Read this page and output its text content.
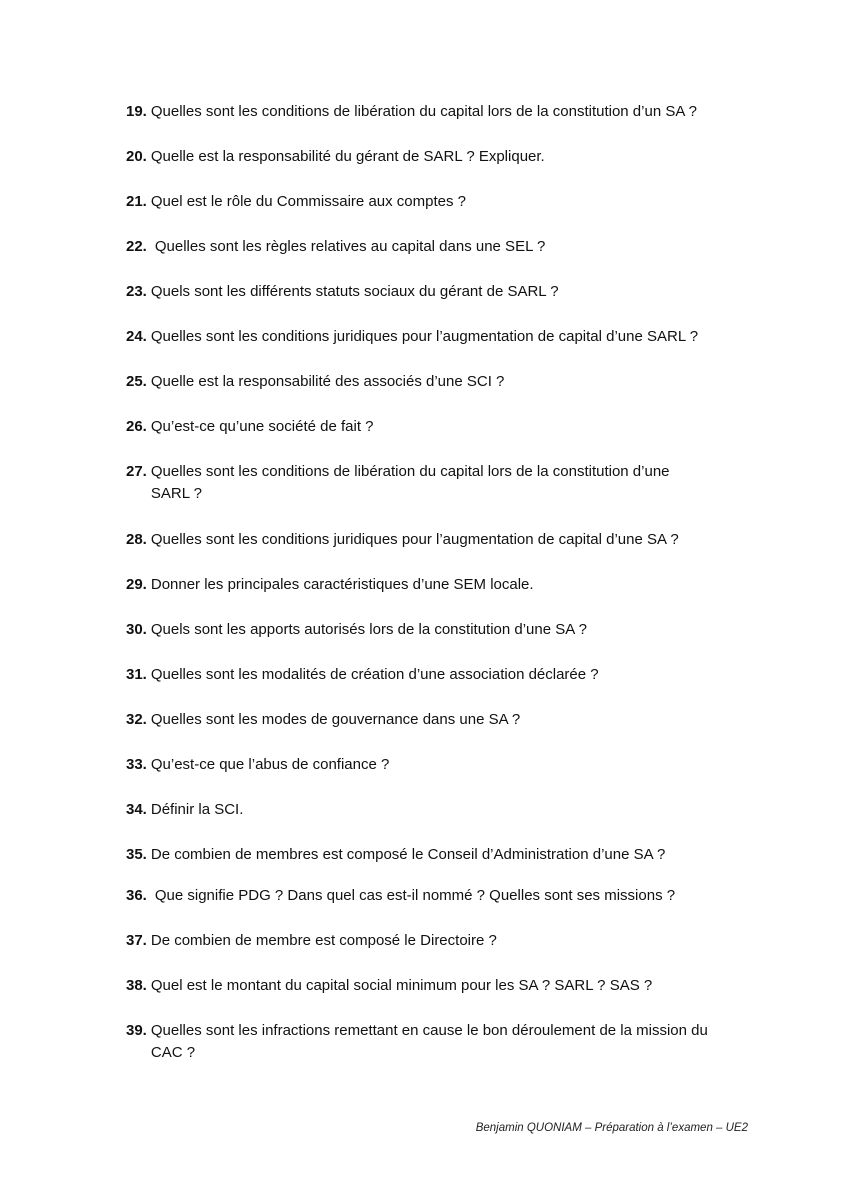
19. Quelles sont les conditions de libération du capital lors de la constitution d’un SA ?
20. Quelle est la responsabilité du gérant de SARL ? Expliquer.
21. Quel est le rôle du Commissaire aux comptes ?
22. Quelles sont les règles relatives au capital dans une SEL ?
23. Quels sont les différents statuts sociaux du gérant de SARL ?
24. Quelles sont les conditions juridiques pour l’augmentation de capital d’une SARL ?
25. Quelle est la responsabilité des associés d’une SCI ?
26. Qu’est-ce qu’une société de fait ?
27. Quelles sont les conditions de libération du capital lors de la constitution d’une SARL ?
28. Quelles sont les conditions juridiques pour l’augmentation de capital d’une SA ?
29. Donner les principales caractéristiques d’une SEM locale.
30. Quels sont les apports autorisés lors de la constitution d’une SA ?
31. Quelles sont les modalités de création d’une association déclarée ?
32. Quelles sont les modes de gouvernance dans une SA ?
33. Qu’est-ce que l’abus de confiance ?
34. Définir la SCI.
35. De combien de membres est composé le Conseil d’Administration d’une SA ?
36. Que signifie PDG ? Dans quel cas est-il nommé ? Quelles sont ses missions ?
37. De combien de membre est composé le Directoire ?
38. Quel est le montant du capital social minimum pour les SA ? SARL ? SAS ?
39. Quelles sont les infractions remettant en cause le bon déroulement de la mission du CAC ?
Benjamin QUONIAM – Préparation à l’examen – UE2
